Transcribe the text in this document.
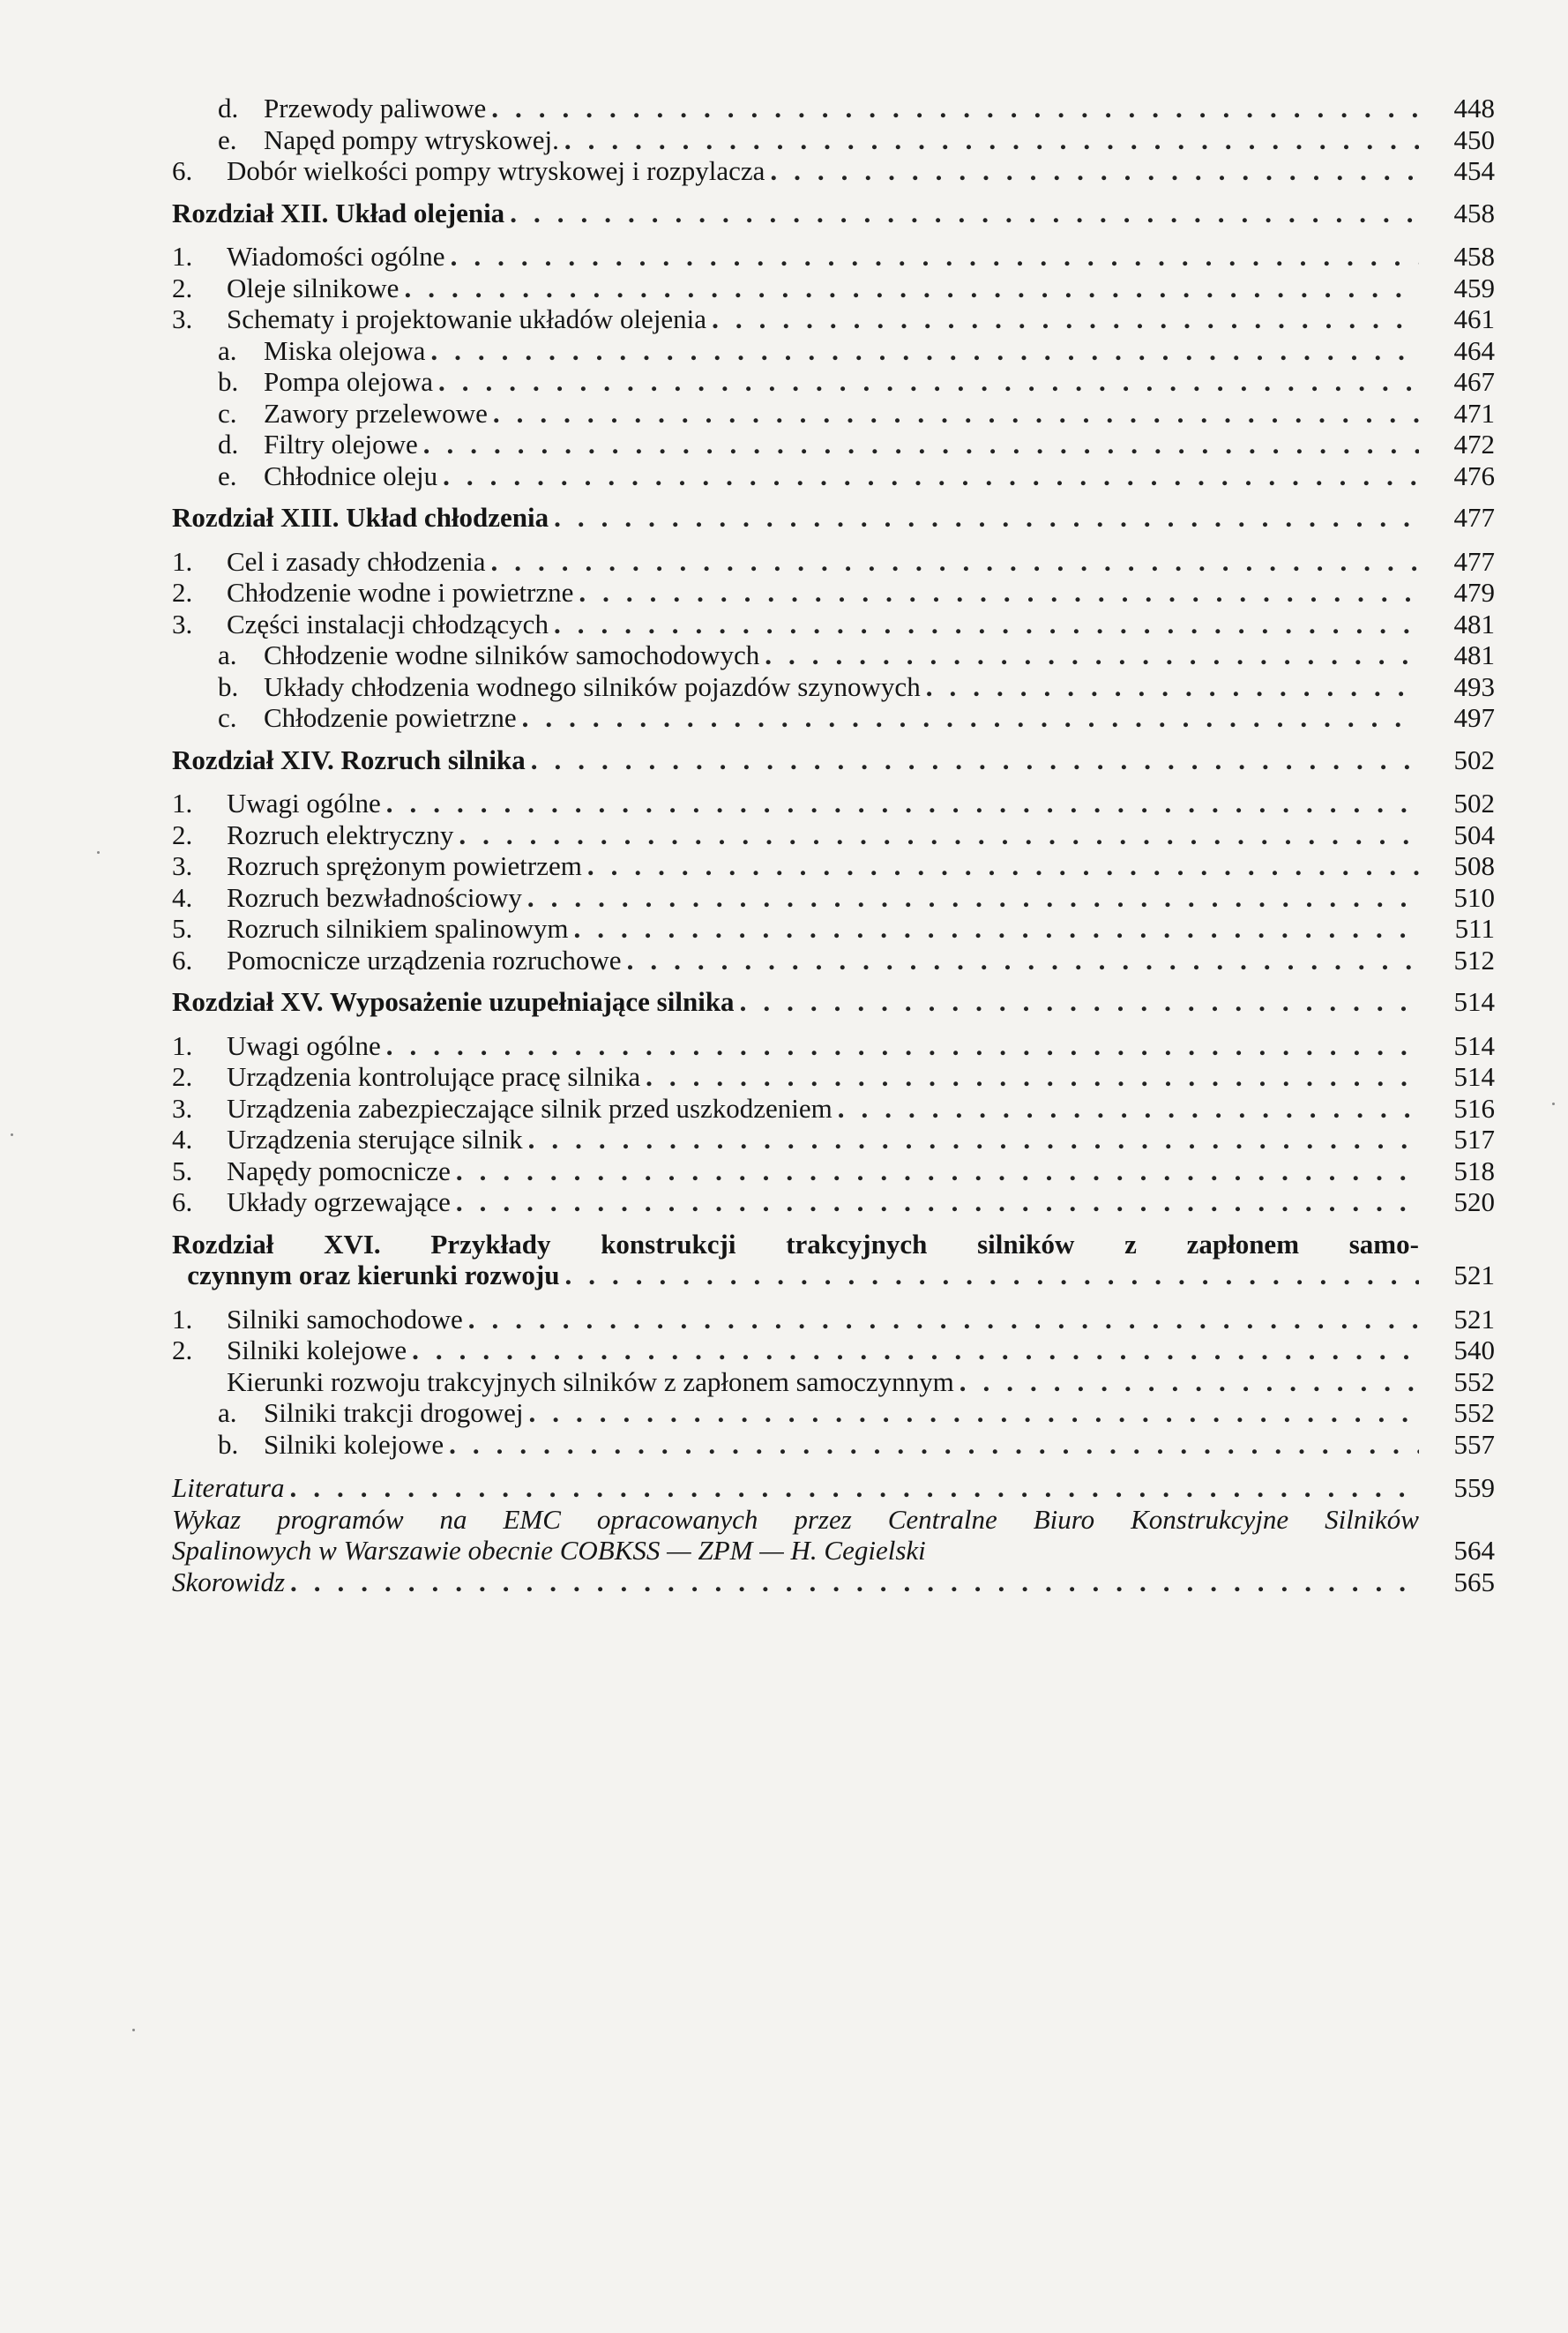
d. Przewody paliwowe .....	448
e. Napęd pompy wtryskowej. .....	450
6.	Dobór wielkości pompy wtryskowej i rozpylacza .....	454
Rozdział XII. Układ olejenia .....	458
1.	Wiadomości ogólne .....	458
2.	Oleje silnikowe .....	459
3.	Schematy i projektowanie układów olejenia .....	461
a. Miska olejowa .....	464
b. Pompa olejowa .....	467
c. Zawory przelewowe .....	471
d. Filtry olejowe .....	472
e. Chłodnice oleju .....	476
Rozdział XIII. Układ chłodzenia .....	477
1.	Cel i zasady chłodzenia .....	477
2.	Chłodzenie wodne i powietrzne .....	479
3.	Części instalacji chłodzących .....	481
a. Chłodzenie wodne silników samochodowych .....	481
b. Układy chłodzenia wodnego silników pojazdów szynowych .....	493
c. Chłodzenie powietrzne .....	497
Rozdział XIV. Rozruch silnika .....	502
1.	Uwagi ogólne .....	502
2.	Rozruch elektryczny .....	504
3.	Rozruch sprężonym powietrzem .....	508
4.	Rozruch bezwładnościowy .....	510
5.	Rozruch silnikiem spalinowym .....	511
6.	Pomocnicze urządzenia rozruchowe .....	512
Rozdział XV. Wyposażenie uzupełniające silnika .....	514
1.	Uwagi ogólne .....	514
2.	Urządzenia kontrolujące pracę silnika .....	514
3.	Urządzenia zabezpieczające silnik przed uszkodzeniem .....	516
4.	Urządzenia sterujące silnik .....	517
5.	Napędy pomocnicze .....	518
6.	Układy ogrzewające .....	520
Rozdział XVI. Przykłady konstrukcji trakcyjnych silników z zapłonem samo-
czynnym oraz kierunki rozwoju .....	521
1.	Silniki samochodowe .....	521
2.	Silniki kolejowe .....	540
Kierunki rozwoju trakcyjnych silników z zapłonem samoczynnym .....	552
a. Silniki trakcji drogowej .....	552
b. Silniki kolejowe .....	557
Literatura .....	559
Wykaz programów na EMC opracowanych przez Centralne Biuro Konstrukcyjne Silników
Spalinowych w Warszawie obecnie COBKSS — ZPM — H. Cegielski	564
Skorowidz .....	565
